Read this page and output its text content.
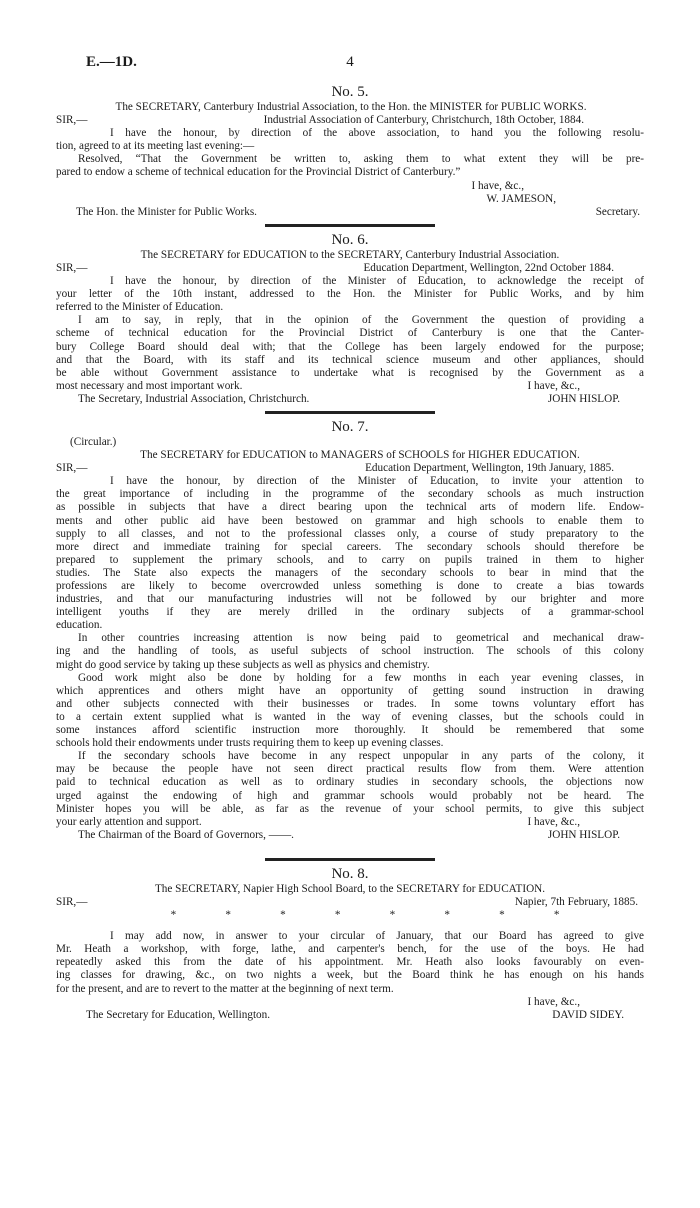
E.—1D.	4

No. 5.

The SECRETARY, Canterbury Industrial Association, to the Hon. the MINISTER for PUBLIC WORKS.

SIR,—	Industrial Association of Canterbury, Christchurch, 18th October, 1884.

I have the honour, by direction of the above association, to hand you the following resolu-

tion, agreed to at its meeting last evening:—

Resolved, “That the Government be written to, asking them to what extent they will be pre-

pared to endow a scheme of technical education for the Provincial District of Canterbury.”

I have, &c.,

W. JAMESON,

The Hon. the Minister for Public Works.	Secretary.

No. 6.

The SECRETARY for EDUCATION to the SECRETARY, Canterbury Industrial Association.

SIR,—	Education Department, Wellington, 22nd October 1884.

I have the honour, by direction of the Minister of Education, to acknowledge the receipt of

your letter of the 10th instant, addressed to the Hon. the Minister for Public Works, and by him

referred to the Minister of Education.

I am to say, in reply, that in the opinion of the Government the question of providing a

scheme of technical education for the Provincial District of Canterbury is one that the Canter-

bury College Board should deal with; that the College has been largely endowed for the purpose;

and that the Board, with its staff and its technical science museum and other appliances, should

be able without Government assistance to undertake what is recognised by the Government as a

most necessary and most important work.	I have, &c.,
The Secretary, Industrial Association, Christchurch.	JOHN HISLOP.

No. 7.

(Circular.)

The SECRETARY for EDUCATION to MANAGERS of SCHOOLS for HIGHER EDUCATION.

SIR,—	Education Department, Wellington, 19th January, 1885.

I have the honour, by direction of the Minister of Education, to invite your attention to

the great importance of including in the programme of the secondary schools as much instruction

as possible in subjects that have a direct bearing upon the technical arts of modern life. Endow-

ments and other public aid have been bestowed on grammar and high schools to enable them to

supply to all classes, and not to the professional classes only, a course of study preparatory to the

more direct and immediate training for special careers. The secondary schools should therefore be

prepared to supplement the primary schools, and to carry on pupils trained in them to higher

studies. The State also expects the managers of the secondary schools to bear in mind that the

professions are likely to become overcrowded unless something is done to create a bias towards

industries, and that our manufacturing industries will not be followed by our brighter and more

intelligent youths if they are merely drilled in the ordinary subjects of a grammar-school

education.

In other countries increasing attention is now being paid to geometrical and mechanical draw-

ing and the handling of tools, as useful subjects of school instruction. The schools of this colony

might do good service by taking up these subjects as well as physics and chemistry.

Good work might also be done by holding for a few months in each year evening classes, in

which apprentices and others might have an opportunity of getting sound instruction in drawing

and other subjects connected with their businesses or trades. In some towns voluntary effort has

to a certain extent supplied what is wanted in the way of evening classes, but the schools could in

some instances afford scientific instruction more thoroughly. It should be remembered that some

schools hold their endowments under trusts requiring them to keep up evening classes.

If the secondary schools have become in any respect unpopular in any parts of the colony, it

may be because the people have not seen direct practical results flow from them. Were attention

paid to technical education as well as to ordinary studies in secondary schools, the objections now

urged against the endowing of high and grammar schools would probably not be heard. The

Minister hopes you will be able, as far as the revenue of your school permits, to give this subject

your early attention and support.	I have, &c.,
The Chairman of the Board of Governors, ——.	JOHN HISLOP.

No. 8.

The SECRETARY, Napier High School Board, to the SECRETARY for EDUCATION.

SIR,—	Napier, 7th February, 1885.
*	*	*	*	*	*	*	*

I may add now, in answer to your circular of January, that our Board has agreed to give

Mr. Heath a workshop, with forge, lathe, and carpenter's bench, for the use of the boys. He had

repeatedly asked this from the date of his appointment. Mr. Heath also looks favourably on even-

ing classes for drawing, &c., on two nights a week, but the Board think he has enough on his hands

for the present, and are to revert to the matter at the beginning of next term.

I have, &c.,

The Secretary for Education, Wellington.	DAVID SIDEY.
